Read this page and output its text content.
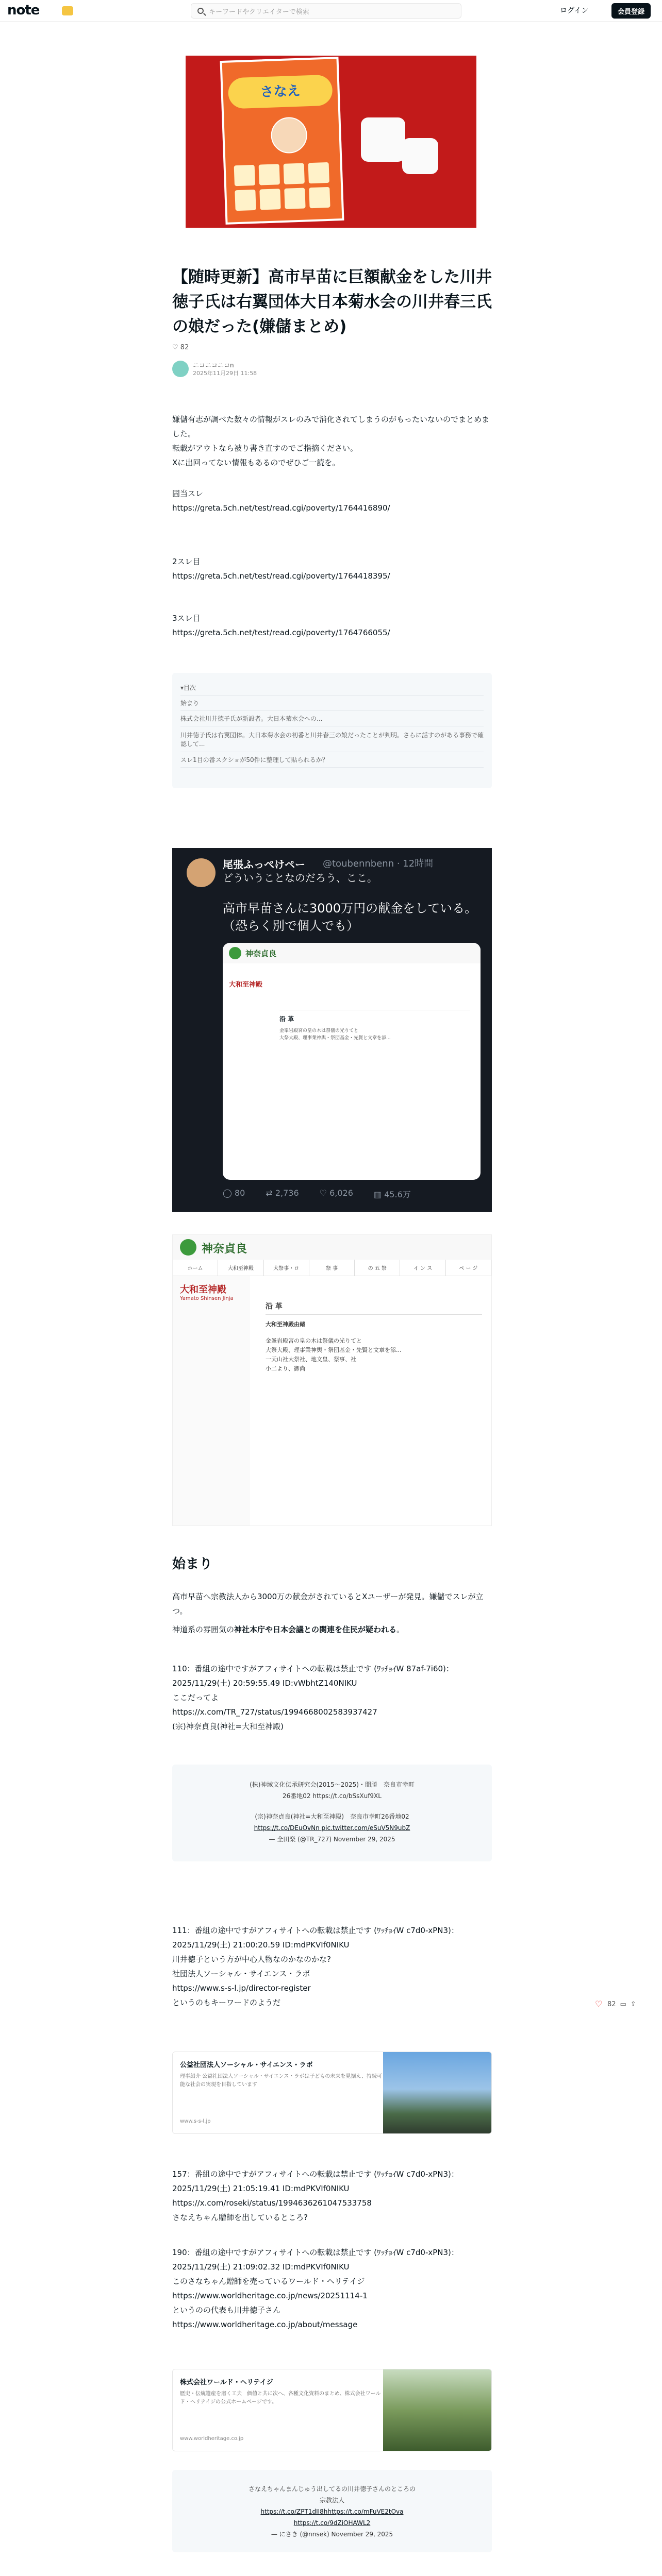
note	キーワードやクリエイターで検索	ログイン	会員登録
さなえ
【随時更新】高市早苗に巨額献金をした川井徳子氏は右翼団体大日本菊水会の川井春三氏の娘だった(嫌儲まとめ)
♡ 82
ニコニコニコn
2025年11月29日 11:58
嫌儲有志が調べた数々の情報がスレのみで消化されてしまうのがもったいないのでまとめました。
転載がアウトなら被り書き直すのでご指摘ください。
Xに出回ってない情報もあるのでぜひご一読を。
固当スレ
https://greta.5ch.net/test/read.cgi/poverty/1764416890/
2スレ目
https://greta.5ch.net/test/read.cgi/poverty/1764418395/
3スレ目
https://greta.5ch.net/test/read.cgi/poverty/1764766055/
▾ 目次
始まり
株式会社川井徳子氏が新設者。大日本菊水会への...
川井徳子氏は右翼団体。大日本菊水会の初番と川井春三の娘だったことが判明。さらに話すのがある事務で確認して...
スレ1目の番スクショが50件に整理して貼られるか？
尾張ふっぺけペー @toubennbenn · 12時間
どういうことなのだろう、ここ。
高市早苗さんに3000万円の献金をしている。
（恐らく別で個人でも）
神奈貞良
大和至神殿
沿 革
金峯岩殿宮の皇の木は祭儀の光りてと
大祭大殿、理事業神輿・祭団基金・先賢と文章を添...
◯ 80	⇄ 2,736	♡ 6,026	▥ 45.6万
神奈貞良
ホーム	大和至神殿	大祭事・ロ	祭 事	の 五 祭	イ ン ス	ペ ー ジ
大和至神殿
Yamato Shinsen Jinja
沿 革
大和至神殿由緒
金峯岩殿宮の皇の木は祭儀の光りてと
大祭大殿、理事業神輿・祭団基金・先賢と文章を添...
一天山社大祭社、地文皇、祭事、社
小二より、御尚
始まり
高市早苗へ宗教法人から3000万の献金がされているとXユーザーが発見。嫌儲でスレが立つ。
神道系の雰囲気の神社本庁や日本会議との関連を住民が疑われる。
110：番組の途中ですがアフィサイトへの転載は禁止です (ﾜｯﾁｮｲW 87af-7i60)：2025/11/29(土) 20:59:55.49 ID:vWbhtZ140NIKU
ここだってよ
https://x.com/TR_727/status/1994668002583937427
(宗)神奈貞良(神社=大和至神殿)
(株)神域文化伝承研究会(2015～2025)・間勝　奈良市幸町
26番地02 https://t.co/bSsXuf9XL
(宗)神奈貞良(神社=大和至神殿)　奈良市幸町26番地02
https://t.co/DEuOvNn pic.twitter.com/eSuV5N9ubZ
— 全田楽 (@TR_727) November 29, 2025
111：番組の途中ですがアフィサイトへの転載は禁止です (ﾜｯﾁｮｲW c7d0-xPN3)：2025/11/29(土) 21:00:20.59 ID:mdPKVIf0NIKU
川井徳子という方が中心人物なのかなのかな?
社団法人ソーシャル・サイエンス・ラボ
https://www.s-s-l.jp/director-register
というのもキーワードのようだ
公益社団法人ソーシャル・サイエンス・ラボ
理事紹介 公益社団法人ソーシャル・サイエンス・ラボは子どもの未来を見据え、持続可能な社会の実現を目指しています
www.s-s-l.jp
157：番組の途中ですがアフィサイトへの転載は禁止です (ﾜｯﾁｮｲW c7d0-xPN3)：2025/11/29(土) 21:05:19.41 ID:mdPKVIf0NIKU
https://x.com/roseki/status/1994636261047533758
さなえちゃん贈師を出しているところ?
190：番組の途中ですがアフィサイトへの転載は禁止です (ﾜｯﾁｮｲW c7d0-xPN3)：2025/11/29(土) 21:09:02.32 ID:mdPKVIf0NIKU
このさなちゃん贈師を売っているワールド・ヘリテイジ
https://www.worldheritage.co.jp/news/20251114-1
というのの代表も川井徳子さん
https://www.worldheritage.co.jp/about/message
株式会社ワールド・ヘリテイジ
歴史・伝統遺産を磨く工夫　価値と共に次へ、各種文化資料のまとめ、株式会社ワールド・ヘリテイジの公式ホームページです。
www.worldheritage.co.jp
さなえちゃんまんじゅう出してるの川井徳子さんのところの
宗教法人
https://t.co/ZPT1dII8hhttps://t.co/mFuVE2tOva
https://t.co/9dZiOHAWL2
— にさき (@nnsek) November 29, 2025
♡
82 ▭ ⇪
